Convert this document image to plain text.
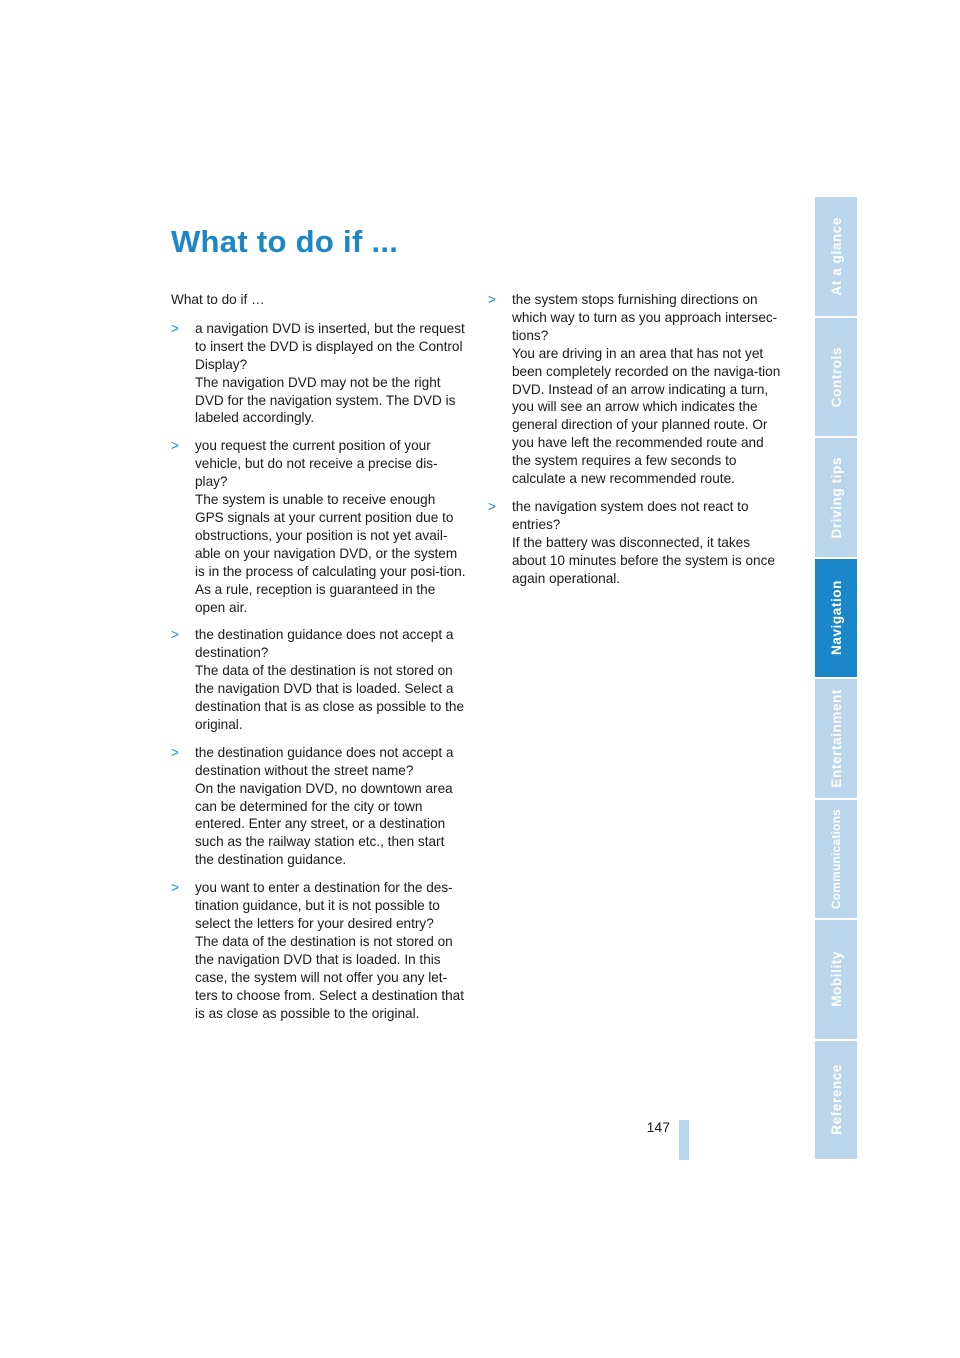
What to do if ...

What to do if …

> a navigation DVD is inserted, but the request to insert the DVD is displayed on the Control Display?
The navigation DVD may not be the right DVD for the navigation system. The DVD is labeled accordingly.
> you request the current position of your vehicle, but do not receive a precise dis-play?
The system is unable to receive enough GPS signals at your current position due to obstructions, your position is not yet avail-able on your navigation DVD, or the system is in the process of calculating your posi-tion. As a rule, reception is guaranteed in the open air.
> the destination guidance does not accept a destination?
The data of the destination is not stored on the navigation DVD that is loaded. Select a destination that is as close as possible to the original.
> the destination guidance does not accept a destination without the street name?
On the navigation DVD, no downtown area can be determined for the city or town entered. Enter any street, or a destination such as the railway station etc., then start the destination guidance.
> you want to enter a destination for the des-tination guidance, but it is not possible to select the letters for your desired entry?
The data of the destination is not stored on the navigation DVD that is loaded. In this case, the system will not offer you any let-ters to choose from. Select a destination that is as close as possible to the original.
> the system stops furnishing directions on which way to turn as you approach intersec-tions?
You are driving in an area that has not yet been completely recorded on the naviga-tion DVD. Instead of an arrow indicating a turn, you will see an arrow which indicates the general direction of your planned route. Or you have left the recommended route and the system requires a few seconds to calculate a new recommended route.
> the navigation system does not react to entries?
If the battery was disconnected, it takes about 10 minutes before the system is once again operational.
147
At a glance
Controls
Driving tips
Navigation
Entertainment
Communications
Mobility
Reference
